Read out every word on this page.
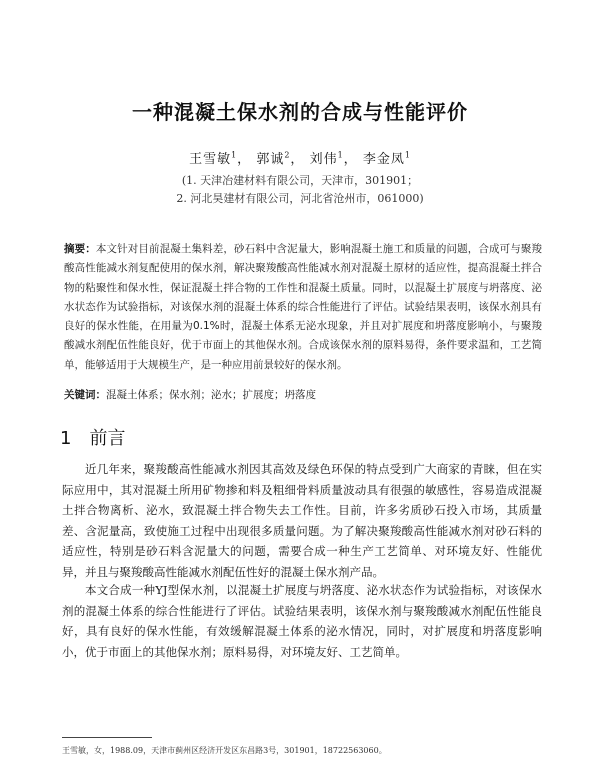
一种混凝土保水剂的合成与性能评价
王雪敏$^1$， 郭诚$^2$， 刘伟$^1$， 李金凤$^1$
(1. 天津冶建材料有限公司，天津市，301901；
2. 河北昊建材有限公司，河北省沧州市，061000)
摘要：本文针对目前混凝土集料差，砂石料中含泥量大，影响混凝土施工和质量的问题，合成可与聚羧酸高性能减水剂复配使用的保水剂，解决聚羧酸高性能减水剂对混凝土原材的适应性，提高混凝土拌合物的粘聚性和保水性，保证混凝土拌合物的工作性和混凝土质量。同时，以混凝土扩展度与坍落度、泌水状态作为试验指标，对该保水剂的混凝土体系的综合性能进行了评估。试验结果表明，该保水剂具有良好的保水性能，在用量为0.1%时，混凝土体系无泌水现象，并且对扩展度和坍落度影响小，与聚羧酸减水剂配伍性能良好，优于市面上的其他保水剂。合成该保水剂的原料易得，条件要求温和，工艺简单，能够适用于大规模生产，是一种应用前景较好的保水剂。
关键词：混凝土体系；保水剂；泌水；扩展度；坍落度
1 前言
近几年来，聚羧酸高性能减水剂因其高效及绿色环保的特点受到广大商家的青睐，但在实际应用中，其对混凝土所用矿物掺和料及粗细骨料质量波动具有很强的敏感性，容易造成混凝土拌合物离析、泌水，致混凝土拌合物失去工作性。目前，许多劣质砂石投入市场，其质量差、含泥量高，致使施工过程中出现很多质量问题。为了解决聚羧酸高性能减水剂对砂石料的适应性，特别是砂石料含泥量大的问题，需要合成一种生产工艺简单、对环境友好、性能优异，并且与聚羧酸高性能减水剂配伍性好的混凝土保水剂产品。
本文合成一种YJ型保水剂，以混凝土扩展度与坍落度、泌水状态作为试验指标，对该保水剂的混凝土体系的综合性能进行了评估。试验结果表明，该保水剂与聚羧酸减水剂配伍性能良好，具有良好的保水性能，有效缓解混凝土体系的泌水情况，同时，对扩展度和坍落度影响小，优于市面上的其他保水剂；原料易得，对环境友好、工艺简单。
王雪敏，女，1988.09，天津市蓟州区经济开发区东昌路3号，301901，18722563060。
